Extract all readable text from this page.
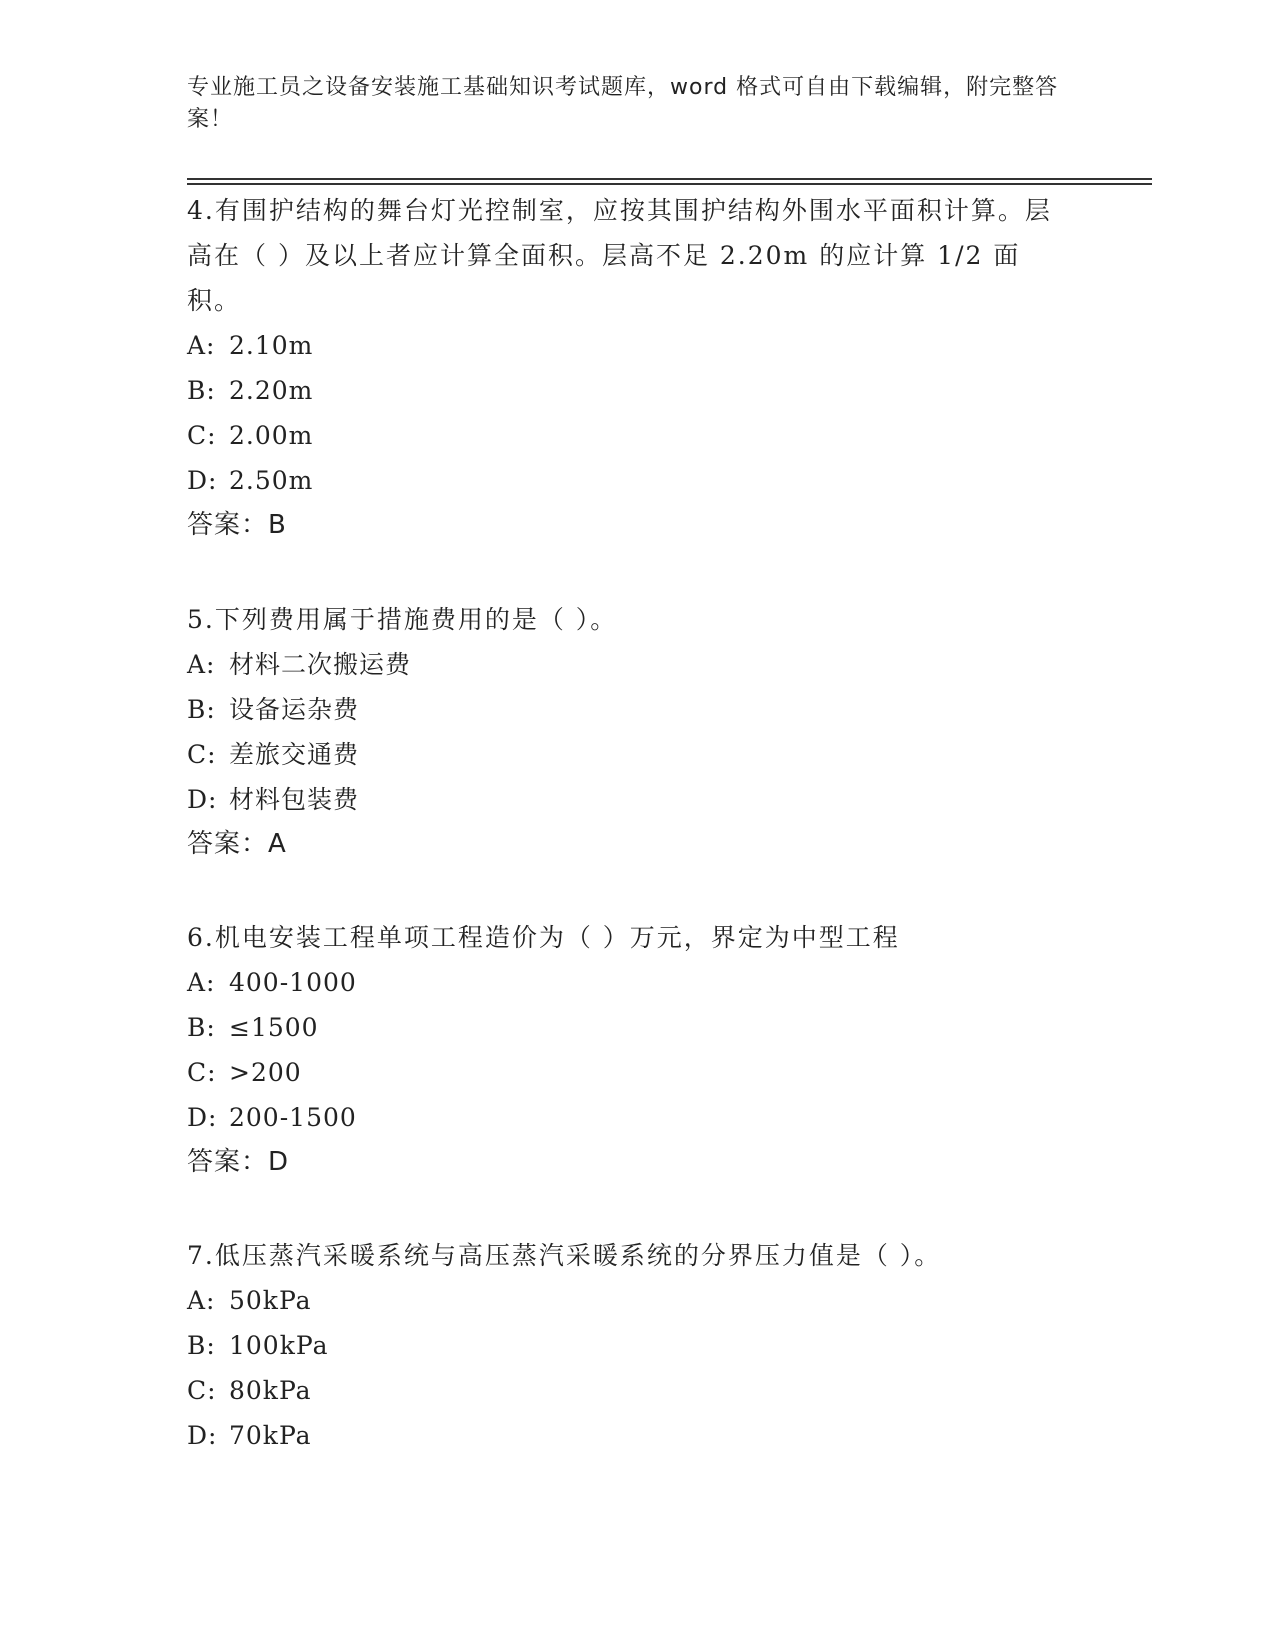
专业施工员之设备安装施工基础知识考试题库，word 格式可自由下载编辑，附完整答案！

4.有围护结构的舞台灯光控制室，应按其围护结构外围水平面积计算。层高在（ ）及以上者应计算全面积。层高不足 2.20m 的应计算 1/2 面积。

A: 2.10m
B: 2.20m
C: 2.00m
D: 2.50m
答案：B

5.下列费用属于措施费用的是（ ）。

A: 材料二次搬运费
B: 设备运杂费
C: 差旅交通费
D: 材料包装费
答案：A

6.机电安装工程单项工程造价为（ ）万元，界定为中型工程

A: 400-1000
B: ≤1500
C: >200
D: 200-1500
答案：D

7.低压蒸汽采暖系统与高压蒸汽采暖系统的分界压力值是（ ）。

A: 50kPa
B: 100kPa
C: 80kPa
D: 70kPa
